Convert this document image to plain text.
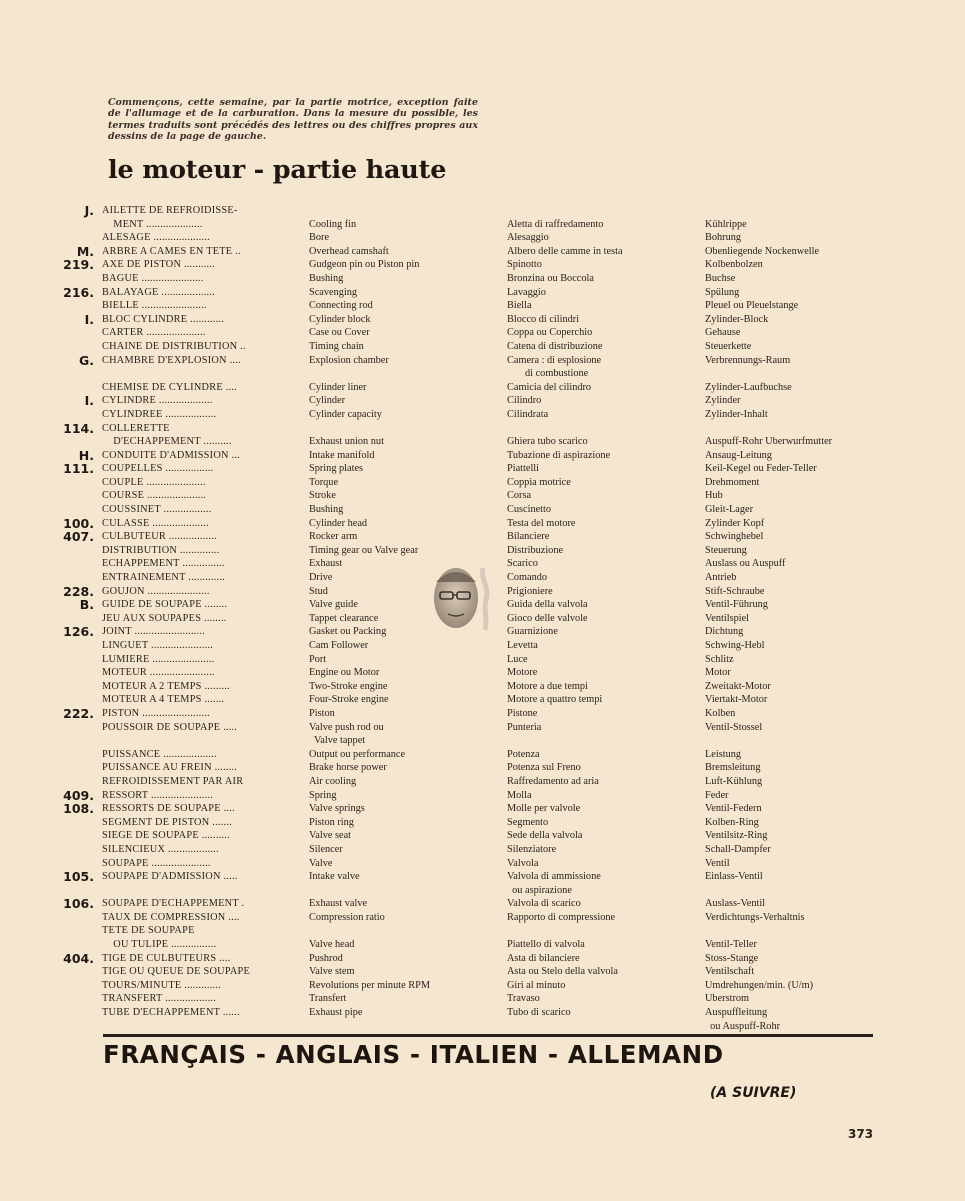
Commençons, cette semaine, par la partie motrice, exception faite de l'allumage et de la carburation. Dans la mesure du possible, les termes traduits sont précédés des lettres ou des chiffres propres aux dessins de la page de gauche.
le moteur - partie haute
J. AILETTE DE REFROIDISSE-
MENT ....................	Cooling fin	Aletta di raffredamento	Kühlrippe
ALESAGE ....................	Bore	Alesaggio	Bohrung
M. ARBRE A CAMES EN TETE ..	Overhead camshaft	Albero delle camme in testa	Obenliegende Nockenwelle
219. AXE DE PISTON ...........	Gudgeon pin ou Piston pin	Spinotto	Kolbenbolzen
BAGUE ......................	Bushing	Bronzina ou Boccola	Buchse
216. BALAYAGE ...................	Scavenging	Lavaggio	Spülung
BIELLE .......................	Connecting rod	Biella	Pleuel ou Pleuelstange
I. BLOC CYLINDRE ............	Cylinder block	Blocco di cilindri	Zylinder-Block
CARTER .....................	Case ou Cover	Coppa ou Coperchio	Gehause
CHAINE DE DISTRIBUTION ..	Timing chain	Catena di distribuzione	Steuerkette
G. CHAMBRE D'EXPLOSION ....	Explosion chamber	Camera : di esplosione	Verbrennungs-Raum
di combustione
CHEMISE DE CYLINDRE ....	Cylinder liner	Camicia del cilindro	Zylinder-Laufbuchse
I. CYLINDRE ...................	Cylinder	Cilindro	Zylinder
CYLINDREE ..................	Cylinder capacity	Cilindrata	Zylinder-Inhalt
114. COLLERETTE
D'ECHAPPEMENT ..........	Exhaust union nut	Ghiera tubo scarico	Auspuff-Rohr Uberwurfmutter
H. CONDUITE D'ADMISSION ...	Intake manifold	Tubazione di aspirazione	Ansaug-Leitung
111. COUPELLES .................	Spring plates	Piattelli	Keil-Kegel ou Feder-Teller
COUPLE .....................	Torque	Coppia motrice	Drehmoment
COURSE .....................	Stroke	Corsa	Hub
COUSSINET .................	Bushing	Cuscinetto	Gleit-Lager
100. CULASSE ....................	Cylinder head	Testa del motore	Zylinder Kopf
407. CULBUTEUR .................	Rocker arm	Bilanciere	Schwinghebel
DISTRIBUTION ..............	Timing gear ou Valve gear	Distribuzione	Steuerung
ECHAPPEMENT ...............	Exhaust	Scarico	Auslass ou Auspuff
ENTRAINEMENT .............	Drive	Comando	Antrieb
228. GOUJON ......................	Stud	Prigioniere	Stift-Schraube
B. GUIDE DE SOUPAPE ........	Valve guide	Guida della valvola	Ventil-Führung
JEU AUX SOUPAPES ........	Tappet clearance	Gioco delle valvole	Ventilspiel
126. JOINT .........................	Gasket ou Packing	Guarnizione	Dichtung
LINGUET ......................	Cam Follower	Levetta	Schwing-Hebl
LUMIERE ......................	Port	Luce	Schlitz
MOTEUR .......................	Engine ou Motor	Motore	Motor
MOTEUR A 2 TEMPS .........	Two-Stroke engine	Motore a due tempi	Zweitakt-Motor
MOTEUR A 4 TEMPS .......	Four-Stroke engine	Motore a quattro tempi	Viertakt-Motor
222. PISTON ........................	Piston	Pistone	Kolben
POUSSOIR DE SOUPAPE .....	Valve push rod ou	Punteria	Ventil-Stossel
Valve tappet
PUISSANCE ...................	Output ou performance	Potenza	Leistung
PUISSANCE AU FREIN ........	Brake horse power	Potenza sul Freno	Bremsleitung
REFROIDISSEMENT PAR AIR	Air cooling	Raffredamento ad aria	Luft-Kühlung
409. RESSORT ......................	Spring	Molla	Feder
108. RESSORTS DE SOUPAPE ....	Valve springs	Molle per valvole	Ventil-Federn
SEGMENT DE PISTON .......	Piston ring	Segmento	Kolben-Ring
SIEGE DE SOUPAPE ..........	Valve seat	Sede della valvola	Ventilsitz-Ring
SILENCIEUX ..................	Silencer	Silenziatore	Schall-Dampfer
SOUPAPE .....................	Valve	Valvola	Ventil
105. SOUPAPE D'ADMISSION .....	Intake valve	Valvola di ammissione	Einlass-Ventil
ou aspirazione
106. SOUPAPE D'ECHAPPEMENT .	Exhaust valve	Valvola di scarico	Auslass-Ventil
TAUX DE COMPRESSION ....	Compression ratio	Rapporto di compressione	Verdichtungs-Verhaltnis
TETE DE SOUPAPE
OU TULIPE ................	Valve head	Piattello di valvola	Ventil-Teller
404. TIGE DE CULBUTEURS ....	Pushrod	Asta di bilanciere	Stoss-Stange
TIGE OU QUEUE DE SOUPAPE	Valve stem	Asta ou Stelo della valvola	Ventilschaft
TOURS/MINUTE .............	Revolutions per minute RPM	Giri al minuto	Umdrehungen/min. (U/m)
TRANSFERT ..................	Transfert	Travaso	Uberstrom
TUBE D'ECHAPPEMENT ......	Exhaust pipe	Tubo di scarico	Auspuffleitung
ou Auspuff-Rohr
FRANÇAIS - ANGLAIS - ITALIEN - ALLEMAND
(A SUIVRE)
373
